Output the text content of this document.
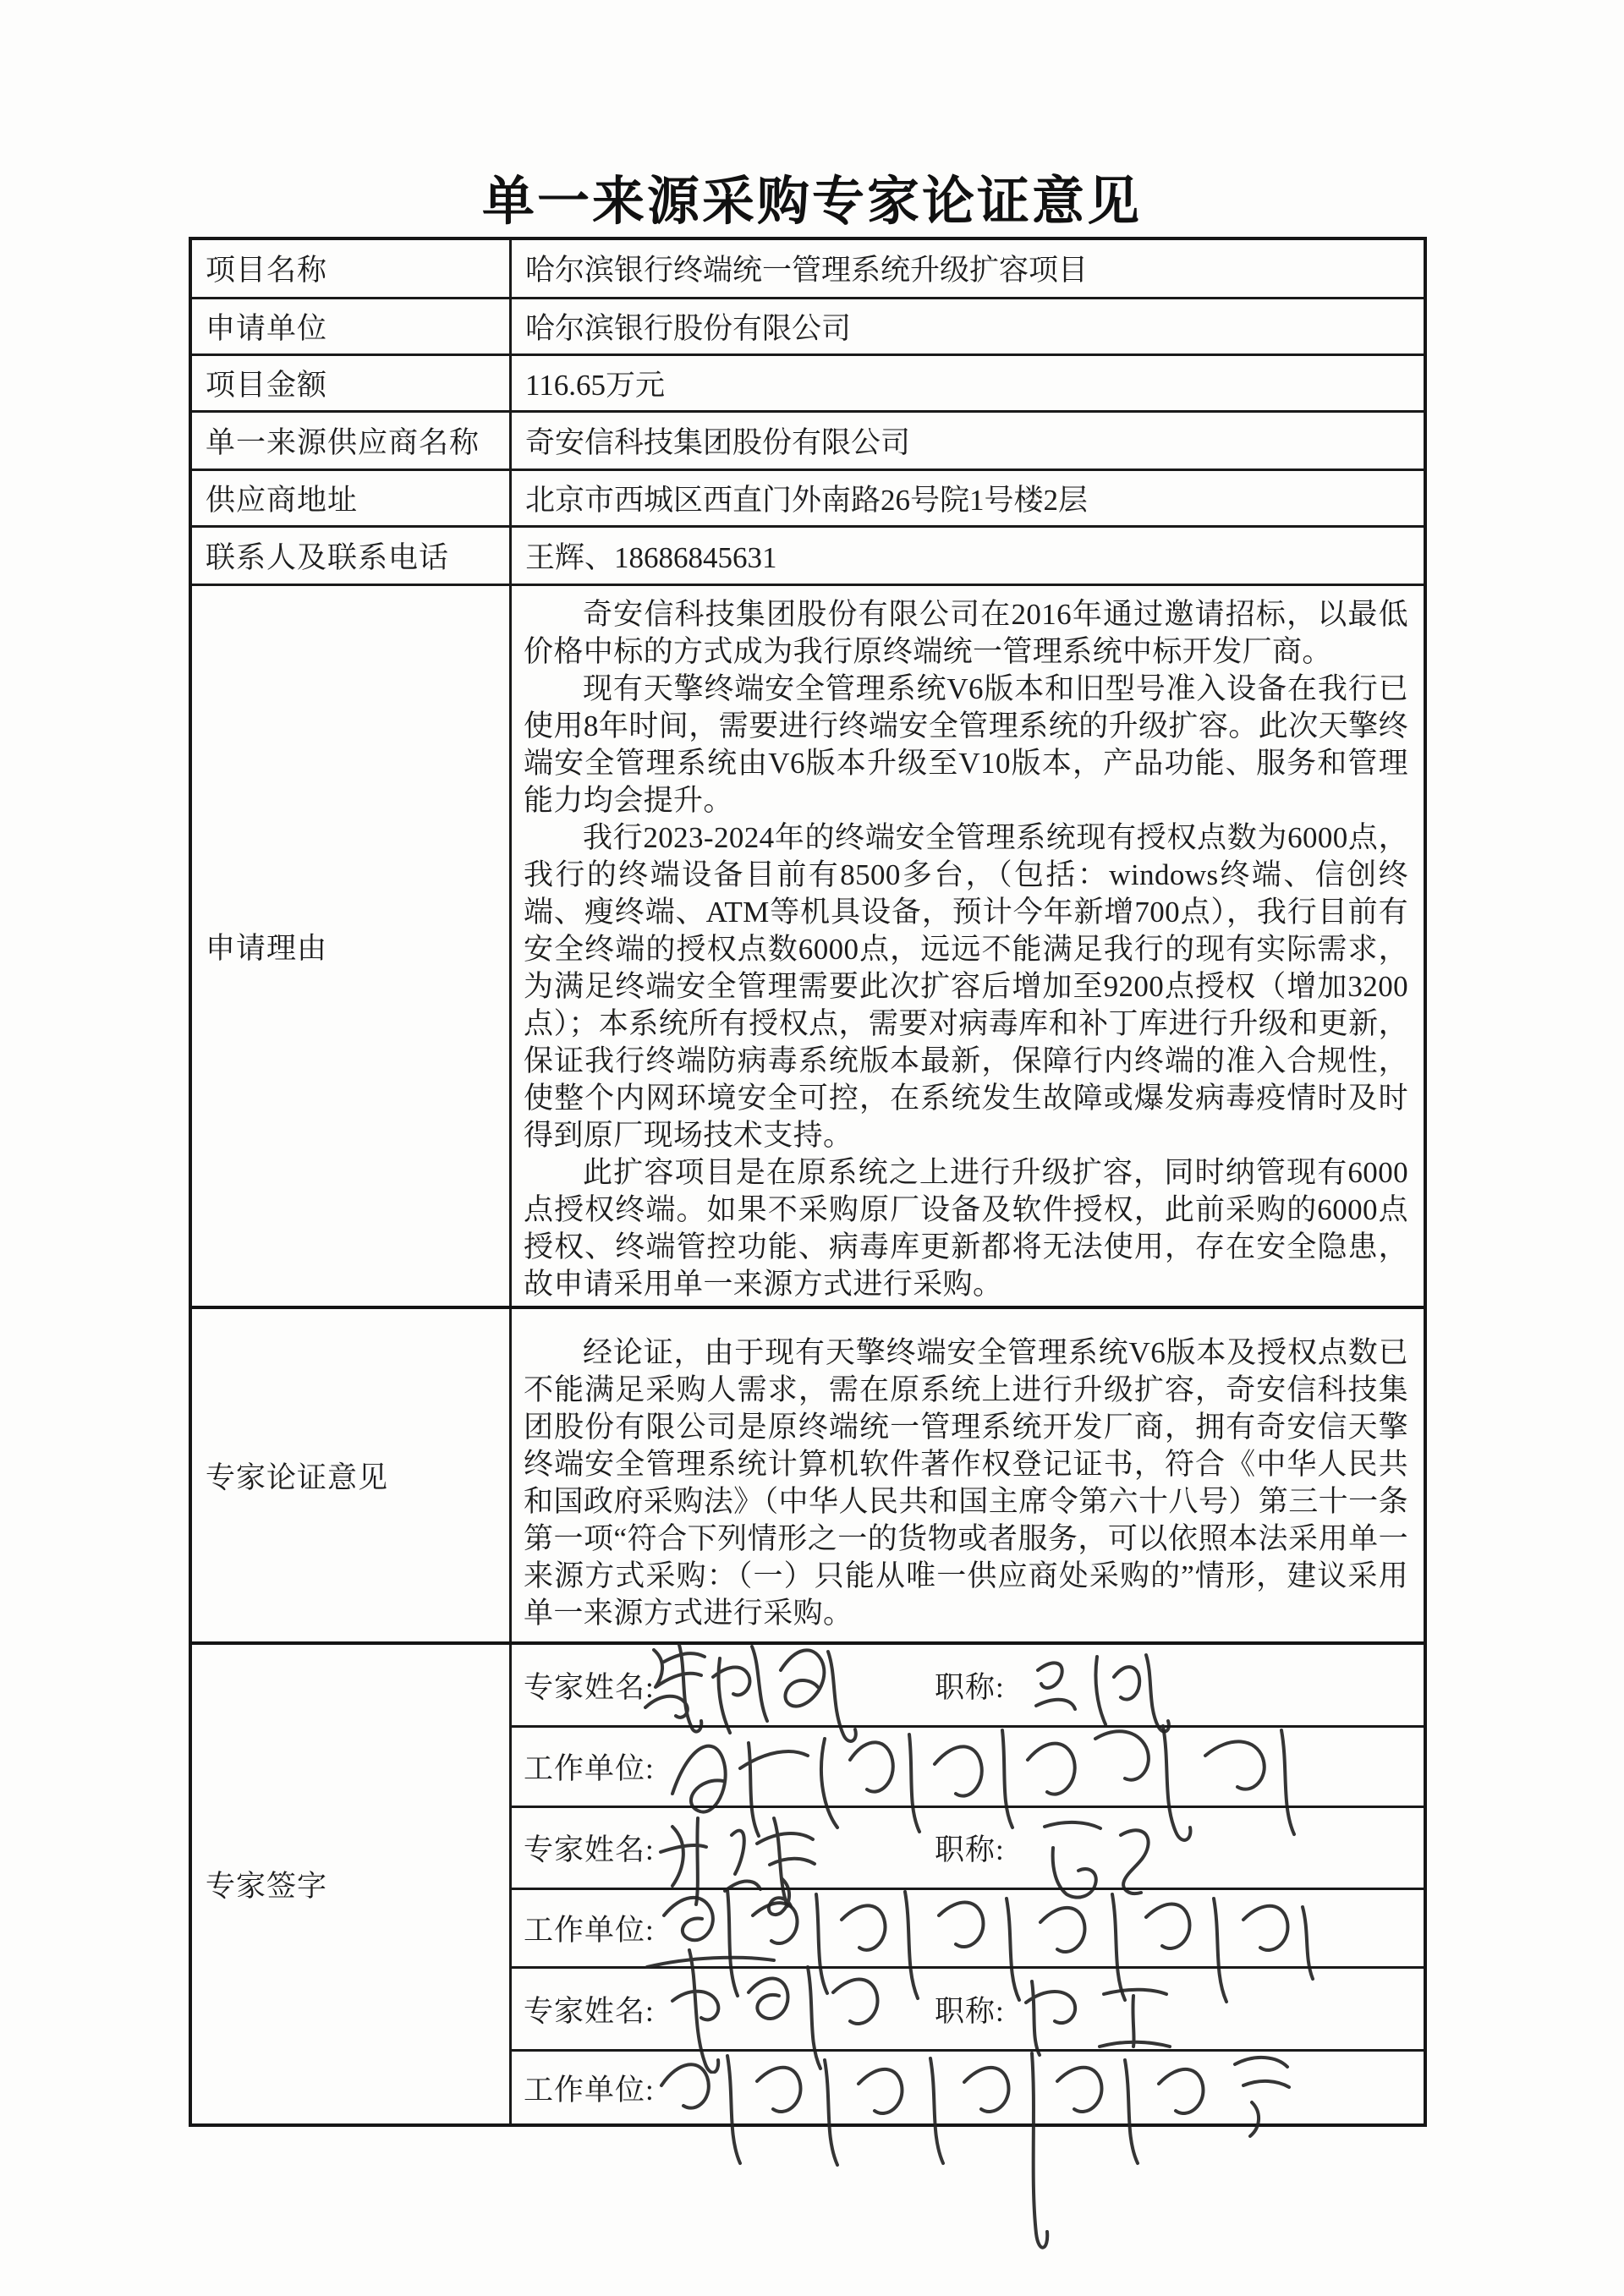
单一来源采购专家论证意见
项目名称	哈尔滨银行终端统一管理系统升级扩容项目
申请单位	哈尔滨银行股份有限公司
项目金额	116.65万元
单一来源供应商名称	奇安信科技集团股份有限公司
供应商地址	北京市西城区西直门外南路26号院1号楼2层
联系人及联系电话	王辉、18686845631
申请理由

奇安信科技集团股份有限公司在2016年通过邀请招标，以最低价格中标的方式成为我行原终端统一管理系统中标开发厂商。

现有天擎终端安全管理系统V6版本和旧型号准入设备在我行已使用8年时间，需要进行终端安全管理系统的升级扩容。此次天擎终端安全管理系统由V6版本升级至V10版本，产品功能、服务和管理能力均会提升。

我行2023-2024年的终端安全管理系统现有授权点数为6000点，我行的终端设备目前有8500多台，（包括：windows终端、信创终端、瘦终端、ATM等机具设备，预计今年新增700点），我行目前有安全终端的授权点数6000点，远远不能满足我行的现有实际需求，为满足终端安全管理需要此次扩容后增加至9200点授权（增加3200点）；本系统所有授权点，需要对病毒库和补丁库进行升级和更新，保证我行终端防病毒系统版本最新，保障行内终端的准入合规性，使整个内网环境安全可控，在系统发生故障或爆发病毒疫情时及时得到原厂现场技术支持。

此扩容项目是在原系统之上进行升级扩容，同时纳管现有6000点授权终端。如果不采购原厂设备及软件授权，此前采购的6000点授权、终端管控功能、病毒库更新都将无法使用，存在安全隐患，故申请采用单一来源方式进行采购。

专家论证意见

经论证，由于现有天擎终端安全管理系统V6版本及授权点数已不能满足采购人需求，需在原系统上进行升级扩容，奇安信科技集团股份有限公司是原终端统一管理系统开发厂商，拥有奇安信天擎终端安全管理系统计算机软件著作权登记证书，符合《中华人民共和国政府采购法》（中华人民共和国主席令第六十八号）第三十一条第一项“符合下列情形之一的货物或者服务，可以依照本法采用单一来源方式采购：（一）只能从唯一供应商处采购的”情形，建议采用单一来源方式进行采购。

专家签字
专家姓名:	职称:
工作单位:
专家姓名:	职称:
工作单位:
专家姓名:	职称:
工作单位:
